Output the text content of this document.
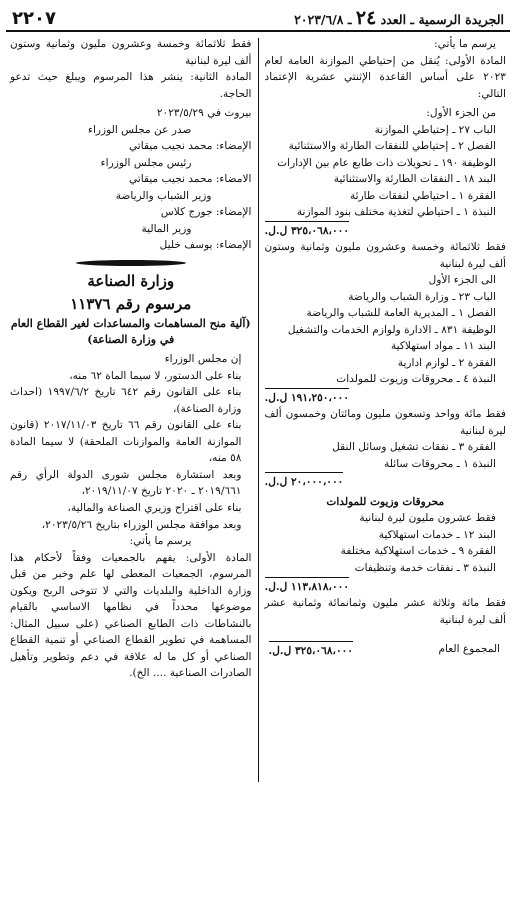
الجريدة الرسمية ـ العدد ٢٤ ـ ٢٠٢٣/٦/٨
٢٢٠٧

يرسم ما يأتي:

المادة الأولى: يُنقل من إحتياطي الموازنة العامة لعام ٢٠٢٣ على أساس القاعدة الإثنتي عشرية الإعتماد التالي:

من الجزء الأول:

الباب ٢٧ ـ إحتياطي الموازنة

الفصل ٢ ـ إحتياطي للنفقات الطارئة والاستثنائية

الوظيفة ١٩٠ ـ تحويلات ذات طابع عام بين الإدارات

البند ١٨ ـ النفقات الطارئة والاستثنائية

الفقرة ١ ـ احتياطي لنفقات طارئة

النبذة ١ ـ احتياطي لتغذية مختلف بنود الموازنة

٣٢٥،٠٦٨،٠٠٠ ل.ل.

فقط ثلاثمائة وخمسة وعشرون مليون وثمانية وستون ألف ليرة لبنانية

الى الجزء الأول

الباب ٢٣ ـ وزارة الشباب والرياضة

الفصل ١ ـ المديرية العامة للشباب والرياضة

الوظيفة ٨٣١ ـ الادارة ولوازم الخدمات والتشغيل

البند ١١ ـ مواد استهلاكية

الفقرة ٢ ـ لوازم ادارية

النبذة ٤ ـ محروقات وزيوت للمولدات

١٩١،٢٥٠،٠٠٠ ل.ل.

فقط مائة وواحد وتسعون مليون ومائتان وخمسون ألف ليرة لبنانية

الفقرة ٣ ـ نفقات تشغيل وسائل النقل

النبذة ١ ـ محروقات سائلة

٢٠،٠٠٠،٠٠٠ ل.ل.

محروقات وزيوت للمولدات

فقط عشرون مليون ليرة لبنانية

البند ١٢ ـ خدمات استهلاكية

الفقرة ٩ ـ خدمات استهلاكية مختلفة

النبذة ٣ ـ نفقات خدمة وتنظيفات

١١٣،٨١٨،٠٠٠ ل.ل.

فقط مائة وثلاثة عشر مليون وثمانمائة وثمانية عشر ألف ليرة لبنانية

المجموع العام
٣٢٥،٠٦٨،٠٠٠ ل.ل.

فقط ثلاثمائة وخمسة وعشرون مليون وثمانية وستون ألف ليرة لبنانية

المادة الثانية: ينشر هذا المرسوم ويبلغ حيث تدعو الحاجة.

بيروت في ٢٠٢٣/٥/٢٩

صدر عن مجلس الوزراء

الإمضاء: محمد نجيب ميقاتي

رئيس مجلس الوزراء

الامضاء: محمد نجيب ميقاتي

وزير الشباب والرياضة

الإمضاء: جورج كلاس

وزير المالية

الإمضاء: يوسف خليل

وزارة الصناعة

مرسوم رقم ١١٣٧٦

(آلية منح المساهمات والمساعدات لغير القطاع العام في وزارة الصناعة)

إن مجلس الوزراء

بناء على الدستور، لا سيما الماة ٦٢ منه،

بناء على القانون رقم ٦٤٢ تاريخ ١٩٩٧/٦/٢ (احداث وزارة الصناعة)،

بناء على القانون رقم ٦٦ تاريخ ٢٠١٧/١١/٠٣ (قانون الموازنة العامة والموازنات الملحقة) لا سيما المادة ٥٨ منه،

وبعد استشارة مجلس شورى الدولة الرأي رقم ٢٠١٩/٦٦١ ـ ٢٠٢٠ تاريخ ٢٠١٩/١١/٠٧،

بناء على اقتراح وزيري الصناعة والمالية،

وبعد موافقة مجلس الوزراء بتاريخ ٢٠٢٣/٥/٢٦،

يرسم ما يأتي:

المادة الأولى: يفهم بالجمعيات وفقاً لأحكام هذا المرسوم، الجمعيات المعطى لها علم وخبر من قبل وزارة الداخلية والبلديات والتي لا تتوخى الربح ويكون موضوعها محدداً في نظامها الاساسي بالقيام بالنشاطات ذات الطابع الصناعي (على سبيل المثال: المساهمة في تطوير القطاع الصناعي أو تنمية القطاع الصناعي أو كل ما له علاقة في دعم وتطوير وتأهيل الصادرات الصناعية .... الخ).
